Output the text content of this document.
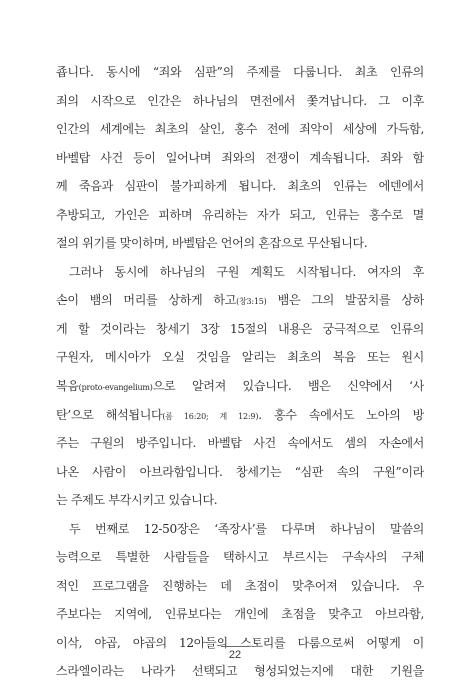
죱니다. 동시에 “죄와 심판”의 주제를 다룹니다. 최초 인류의
죄의 시작으로 인간은 하나님의 면전에서 쫓겨납니다. 그 이후
인간의 세계에는 최초의 살인, 홍수 전에 죄악이 세상에 가득함,
바벨탑 사건 등이 일어나며 죄와의 전쟁이 계속됩니다. 죄와 함
께 죽음과 심판이 불가피하게 됩니다. 최초의 인류는 에덴에서
추방되고, 가인은 피하며 유리하는 자가 되고, 인류는 홍수로 멸
절의 위기를 맞이하며, 바벨탑은 언어의 혼잡으로 무산됩니다.
그러나 동시에 하나님의 구원 계획도 시작됩니다. 여자의 후
손이 뱀의 머리를 상하게 하고(창3:15) 뱀은 그의 발꿈치를 상하
게 할 것이라는 창세기 3장 15절의 내용은 궁극적으로 인류의
구원자, 메시아가 오실 것임을 알리는 최초의 복음 또는 원시
복음(proto-evangelium)으로 알려져 있습니다. 뱀은 신약에서 ‘사
탄’으로 해석됩니다(롬 16:20; 계 12:9). 홍수 속에서도 노아의 방
주는 구원의 방주입니다. 바벨탑 사건 속에서도 셈의 자손에서
나온 사람이 아브라함입니다. 창세기는 “심판 속의 구원”이라
는 주제도 부각시키고 있습니다.
두 번째로 12-50장은 ‘족장사’를 다루며 하나님이 말씀의
능력으로 특별한 사람들을 택하시고 부르시는 구속사의 구체
적인 프로그램을 진행하는 데 초점이 맞추어져 있습니다. 우
주보다는 지역에, 인류보다는 개인에 초점을 맞추고 아브라함,
이삭, 야곱, 야곱의 12아들의 스토리를 다룸으로써 어떻게 이
스라엘이라는 나라가 선택되고 형성되었는지에 대한 기원을
22
